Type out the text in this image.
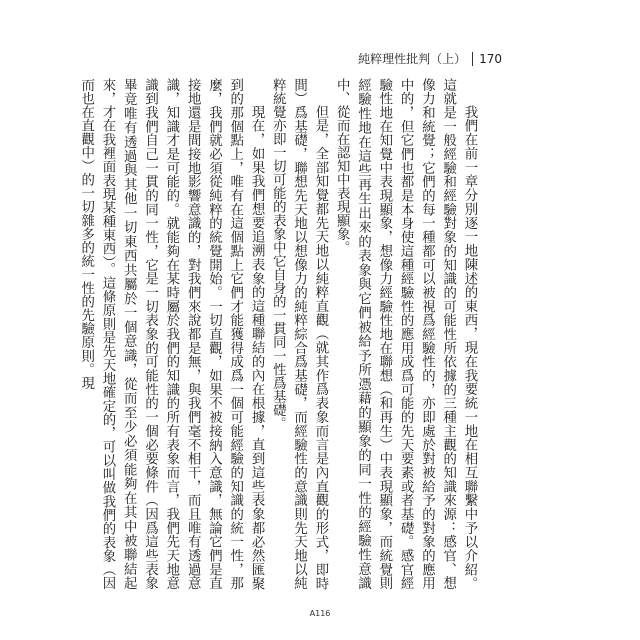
純粹理性批判（上） 170

我們在前一章分別逐一地陳述的東西，現在我要統一地在相互聯繫中予以介紹。這就是一般經驗和經驗對象的知識的可能性所依據的三種主觀的知識來源：感官、想像力和統覺；它們的每一種都可以被視爲經驗性的，亦即處於對被給予的對象的應用中的，但它們也都是本身使這種經驗性的應用成爲可能的先天要素或者基礎。感官經驗性地在知覺中表現顯象，想像力經驗性地在聯想（和再生）中表現顯象，而統覺則經驗性地在這些再生出來的表象與它們被給予所憑藉的顯象的同一性的經驗性意識中、從而在認知中表現顯象。

但是，全部知覺都先天地以純粹直觀（就其作爲表象而言是內直觀的形式，即時間）爲基礎，聯想先天地以想像力的純粹綜合爲基礎，而經驗性的意識則先天地以純粹統覺亦即一切可能的表象中它自身的一貫同一性爲基礎。

現在，如果我們想要追溯表象的這種聯結的內在根據，直到這些表象都必然匯聚到的那個點上，唯有在這個點上它們才能獲得成爲一個可能經驗的知識的統一性，那麼，我們就必須從純粹的統覺開始。一切直觀，如果不被接納入意識，無論它們是直接地還是間接地影響意識的，對我們來說都是無，與我們毫不相干，而且唯有透過意識，知識才是可能的。就能夠在某時屬於我們的知識的所有表象而言，我們先天地意識到我們自己一貫的同一性，它是一切表象的可能性的一個必要條件（因爲這些表象畢竟唯有透過與其他一切東西共屬於一個意識，從而至少必須能夠在其中被聯結起來，才在我裡面表現某種東西）。這條原則是先天地確定的，可以叫做我們的表象（因而也在直觀中）的一切雜多的統一性的先驗原則。現

A116
